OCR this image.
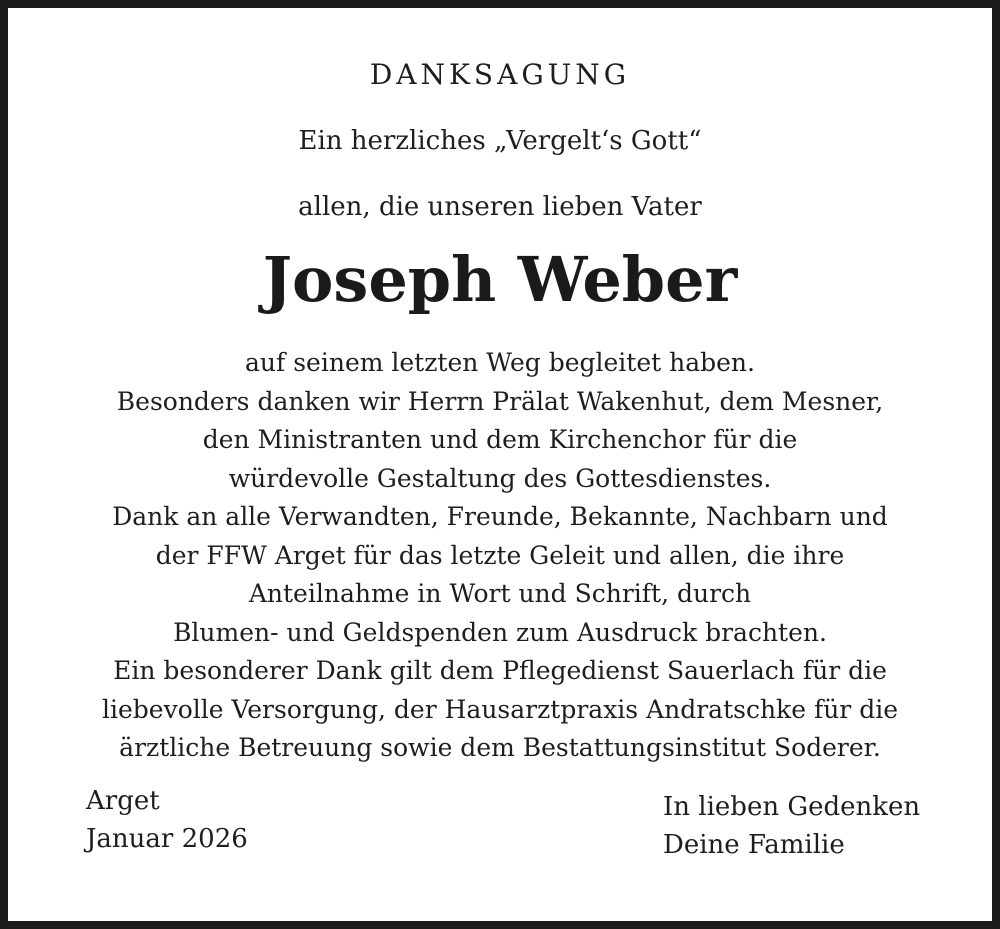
DANKSAGUNG
Ein herzliches „Vergelt‘s Gott“
allen, die unseren lieben Vater
Joseph Weber
auf seinem letzten Weg begleitet haben.
Besonders danken wir Herrn Prälat Wakenhut, dem Mesner,
den Ministranten und dem Kirchenchor für die
würdevolle Gestaltung des Gottesdienstes.
Dank an alle Verwandten, Freunde, Bekannte, Nachbarn und
der FFW Arget für das letzte Geleit und allen, die ihre
Anteilnahme in Wort und Schrift, durch
Blumen- und Geldspenden zum Ausdruck brachten.
Ein besonderer Dank gilt dem Pflegedienst Sauerlach für die
liebevolle Versorgung, der Hausarztpraxis Andratschke für die
ärztliche Betreuung sowie dem Bestattungsinstitut Soderer.
Arget
Januar 2026
In lieben Gedenken
Deine Familie
